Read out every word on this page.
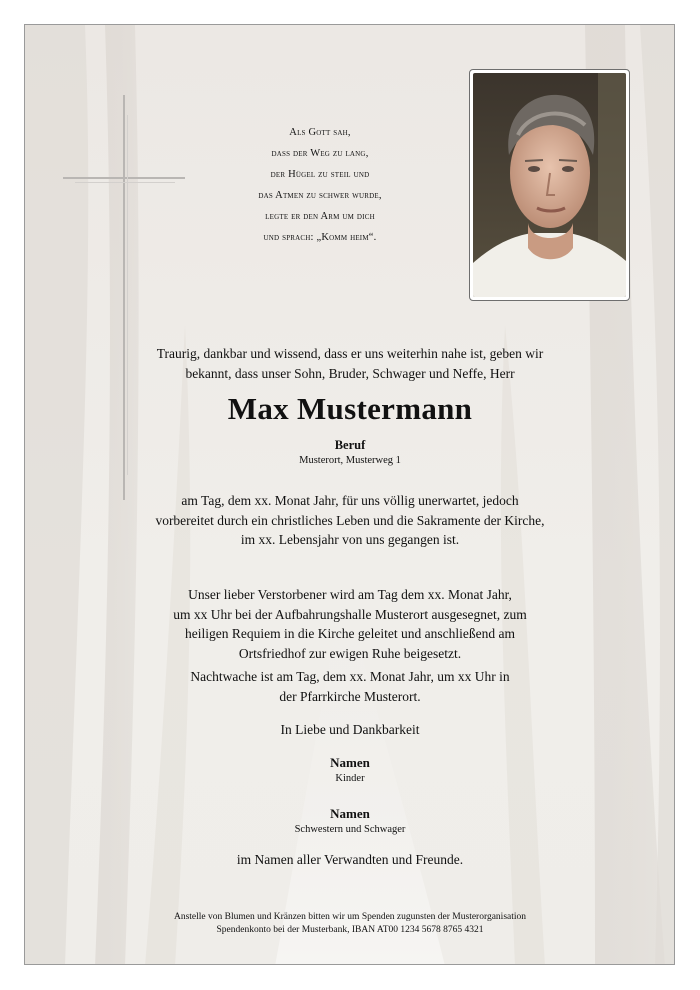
Als Gott sah,
dass der Weg zu lang,
der Hügel zu steil und
das Atmen zu schwer wurde,
legte er den Arm um dich
und sprach: „Komm heim“.
Traurig, dankbar und wissend, dass er uns weiterhin nahe ist, geben wir
bekannt, dass unser Sohn, Bruder, Schwager und Neffe, Herr
Max Mustermann
Beruf
Musterort, Musterweg 1
am Tag, dem xx. Monat Jahr, für uns völlig unerwartet, jedoch
vorbereitet durch ein christliches Leben und die Sakramente der Kirche,
im xx. Lebensjahr von uns gegangen ist.
Unser lieber Verstorbener wird am Tag dem xx. Monat Jahr,
um xx Uhr bei der Aufbahrungshalle Musterort ausgesegnet, zum
heiligen Requiem in die Kirche geleitet und anschließend am
Ortsfriedhof zur ewigen Ruhe beigesetzt.
Nachtwache ist am Tag, dem xx. Monat Jahr, um xx Uhr in
der Pfarrkirche Musterort.
In Liebe und Dankbarkeit
Namen
Kinder
Namen
Schwestern und Schwager
im Namen aller Verwandten und Freunde.
Anstelle von Blumen und Kränzen bitten wir um Spenden zugunsten der Musterorganisation
Spendenkonto bei der Musterbank, IBAN AT00 1234 5678 8765 4321
